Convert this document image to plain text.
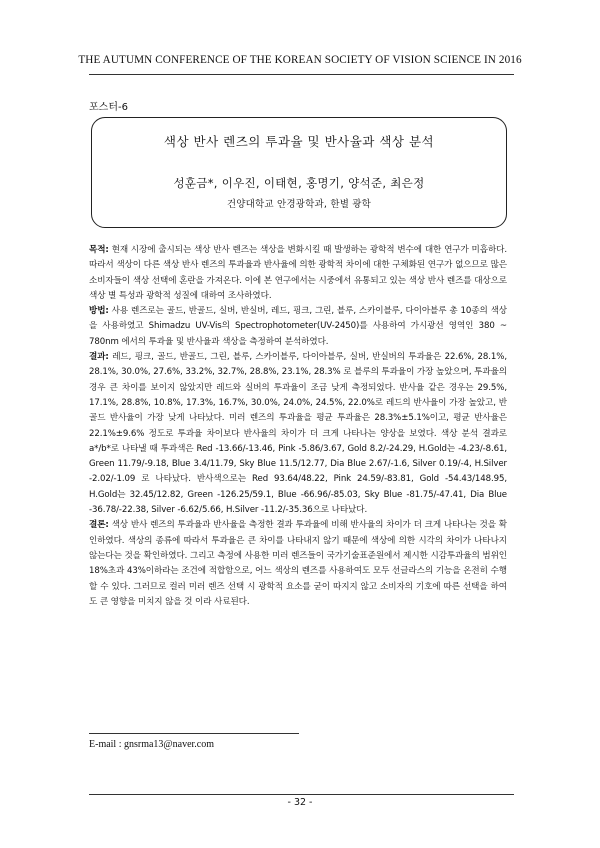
THE AUTUMN CONFERENCE OF THE KOREAN SOCIETY OF VISION SCIENCE IN 2016
포스터-6
색상 반사 렌즈의 투과율 및 반사율과 색상 분석
성훈금*, 이우진, 이태현, 홍명기, 양석준, 최은정
건양대학교 안경광학과, 한별 광학

목적: 현재 시장에 출시되는 색상 반사 렌즈는 색상을 변화시킬 때 발생하는 광학적 변수에 대한 연구가 미흡하다. 따라서 색상이 다른 색상 반사 렌즈의 투과율과 반사율에 의한 광학적 차이에 대한 구체화된 연구가 없으므로 많은 소비자들이 색상 선택에 혼란을 가져온다. 이에 본 연구에서는 시중에서 유통되고 있는 색상 반사 렌즈를 대상으로 색상 별 특성과 광학적 성질에 대하여 조사하였다.

방법: 사용 렌즈로는 골드, 반골드, 실버, 반실버, 레드, 핑크, 그린, 블루, 스카이블루, 다이아블루 총 10종의 색상을 사용하였고 Shimadzu UV-Vis의 Spectrophotometer(UV-2450)를 사용하여 가시광선 영역인 380 ~ 780nm 에서의 투과율 및 반사율과 색상을 측정하여 분석하였다.

결과: 레드, 핑크, 골드, 반골드, 그린, 블루, 스카이블루, 다이아블루, 실버, 반실버의 투과율은 22.6%, 28.1%, 28.1%, 30.0%, 27.6%, 33.2%, 32.7%, 28.8%, 23.1%, 28.3% 로 블루의 투과율이 가장 높았으며, 투과율의 경우 큰 차이를 보이지 않았지만 레드와 실버의 투과율이 조금 낮게 측정되었다. 반사율 같은 경우는 29.5%, 17.1%, 28.8%, 10.8%, 17.3%, 16.7%, 30.0%, 24.0%, 24.5%, 22.0%로 레드의 반사율이 가장 높았고, 반골드 반사율이 가장 낮게 나타났다. 미러 렌즈의 투과율을 평균 투과율은 28.3%±5.1%이고, 평균 반사율은 22.1%±9.6% 정도로 투과율 차이보다 반사율의 차이가 더 크게 나타나는 양상을 보였다. 색상 분석 결과로 a*/b*로 나타낼 때 투과색은 Red -13.66/-13.46, Pink -5.86/3.67, Gold 8.2/-24.29, H.Gold는 -4.23/-8.61, Green 11.79/-9.18, Blue 3.4/11.79, Sky Blue 11.5/12.77, Dia Blue 2.67/-1.6, Silver 0.19/-4, H.Silver -2.02/-1.09 로 나타났다. 반사색으로는 Red 93.64/48.22, Pink 24.59/-83.81, Gold -54.43/148.95, H.Gold는 32.45/12.82, Green -126.25/59.1, Blue -66.96/-85.03, Sky Blue -81.75/-47.41, Dia Blue -36.78/-22.38, Silver -6.62/5.66, H.Silver -11.2/-35.36으로 나타났다.

결론: 색상 반사 렌즈의 투과율과 반사율을 측정한 결과 투과율에 비해 반사율의 차이가 더 크게 나타나는 것을 확인하였다. 색상의 종류에 따라서 투과율은 큰 차이를 나타내지 않기 때문에 색상에 의한 시각의 차이가 나타나지 않는다는 것을 확인하였다. 그리고 측정에 사용한 미러 렌즈들이 국가기술표준원에서 제시한 시감투과율의 범위인 18%초과 43%이하라는 조건에 적합함으로, 어느 색상의 렌즈를 사용하여도 모두 선글라스의 기능을 온전히 수행 할 수 있다. 그러므로 컬러 미러 렌즈 선택 시 광학적 요소를 굳이 따지지 않고 소비자의 기호에 따른 선택을 하여도 큰 영향을 미치지 않을 것 이라 사료된다.

E-mail : gnsrma13@naver.com
- 32 -
